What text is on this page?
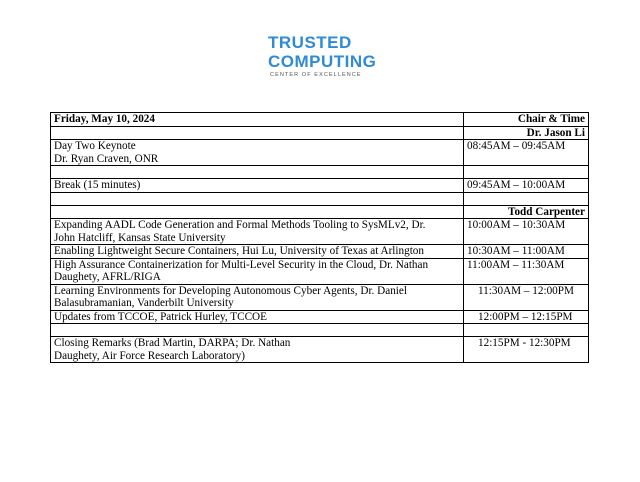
TRUSTED
COMPUTING
CENTER OF EXCELLENCE
Friday, May 10, 2024	Chair & Time
	Dr. Jason Li

Day Two Keynote
Dr. Ryan Craven, ONR	08:45AM – 09:45AM

Break (15 minutes)	09:45AM – 10:00AM

	Todd Carpenter

Expanding AADL Code Generation and Formal Methods Tooling to SysMLv2, Dr.
John Hatcliff, Kansas State University	10:00AM – 10:30AM

Enabling Lightweight Secure Containers, Hui Lu, University of Texas at Arlington	10:30AM – 11:00AM

High Assurance Containerization for Multi-Level Security in the Cloud, Dr. Nathan
Daughety, AFRL/RIGA	11:00AM – 11:30AM

Learning Environments for Developing Autonomous Cyber Agents, Dr. Daniel
Balasubramanian, Vanderbilt University	11:30AM – 12:00PM

Updates from TCCOE, Patrick Hurley, TCCOE	12:00PM – 12:15PM

Closing Remarks (Brad Martin, DARPA; Dr. Nathan
Daughety, Air Force Research Laboratory)	12:15PM - 12:30PM
